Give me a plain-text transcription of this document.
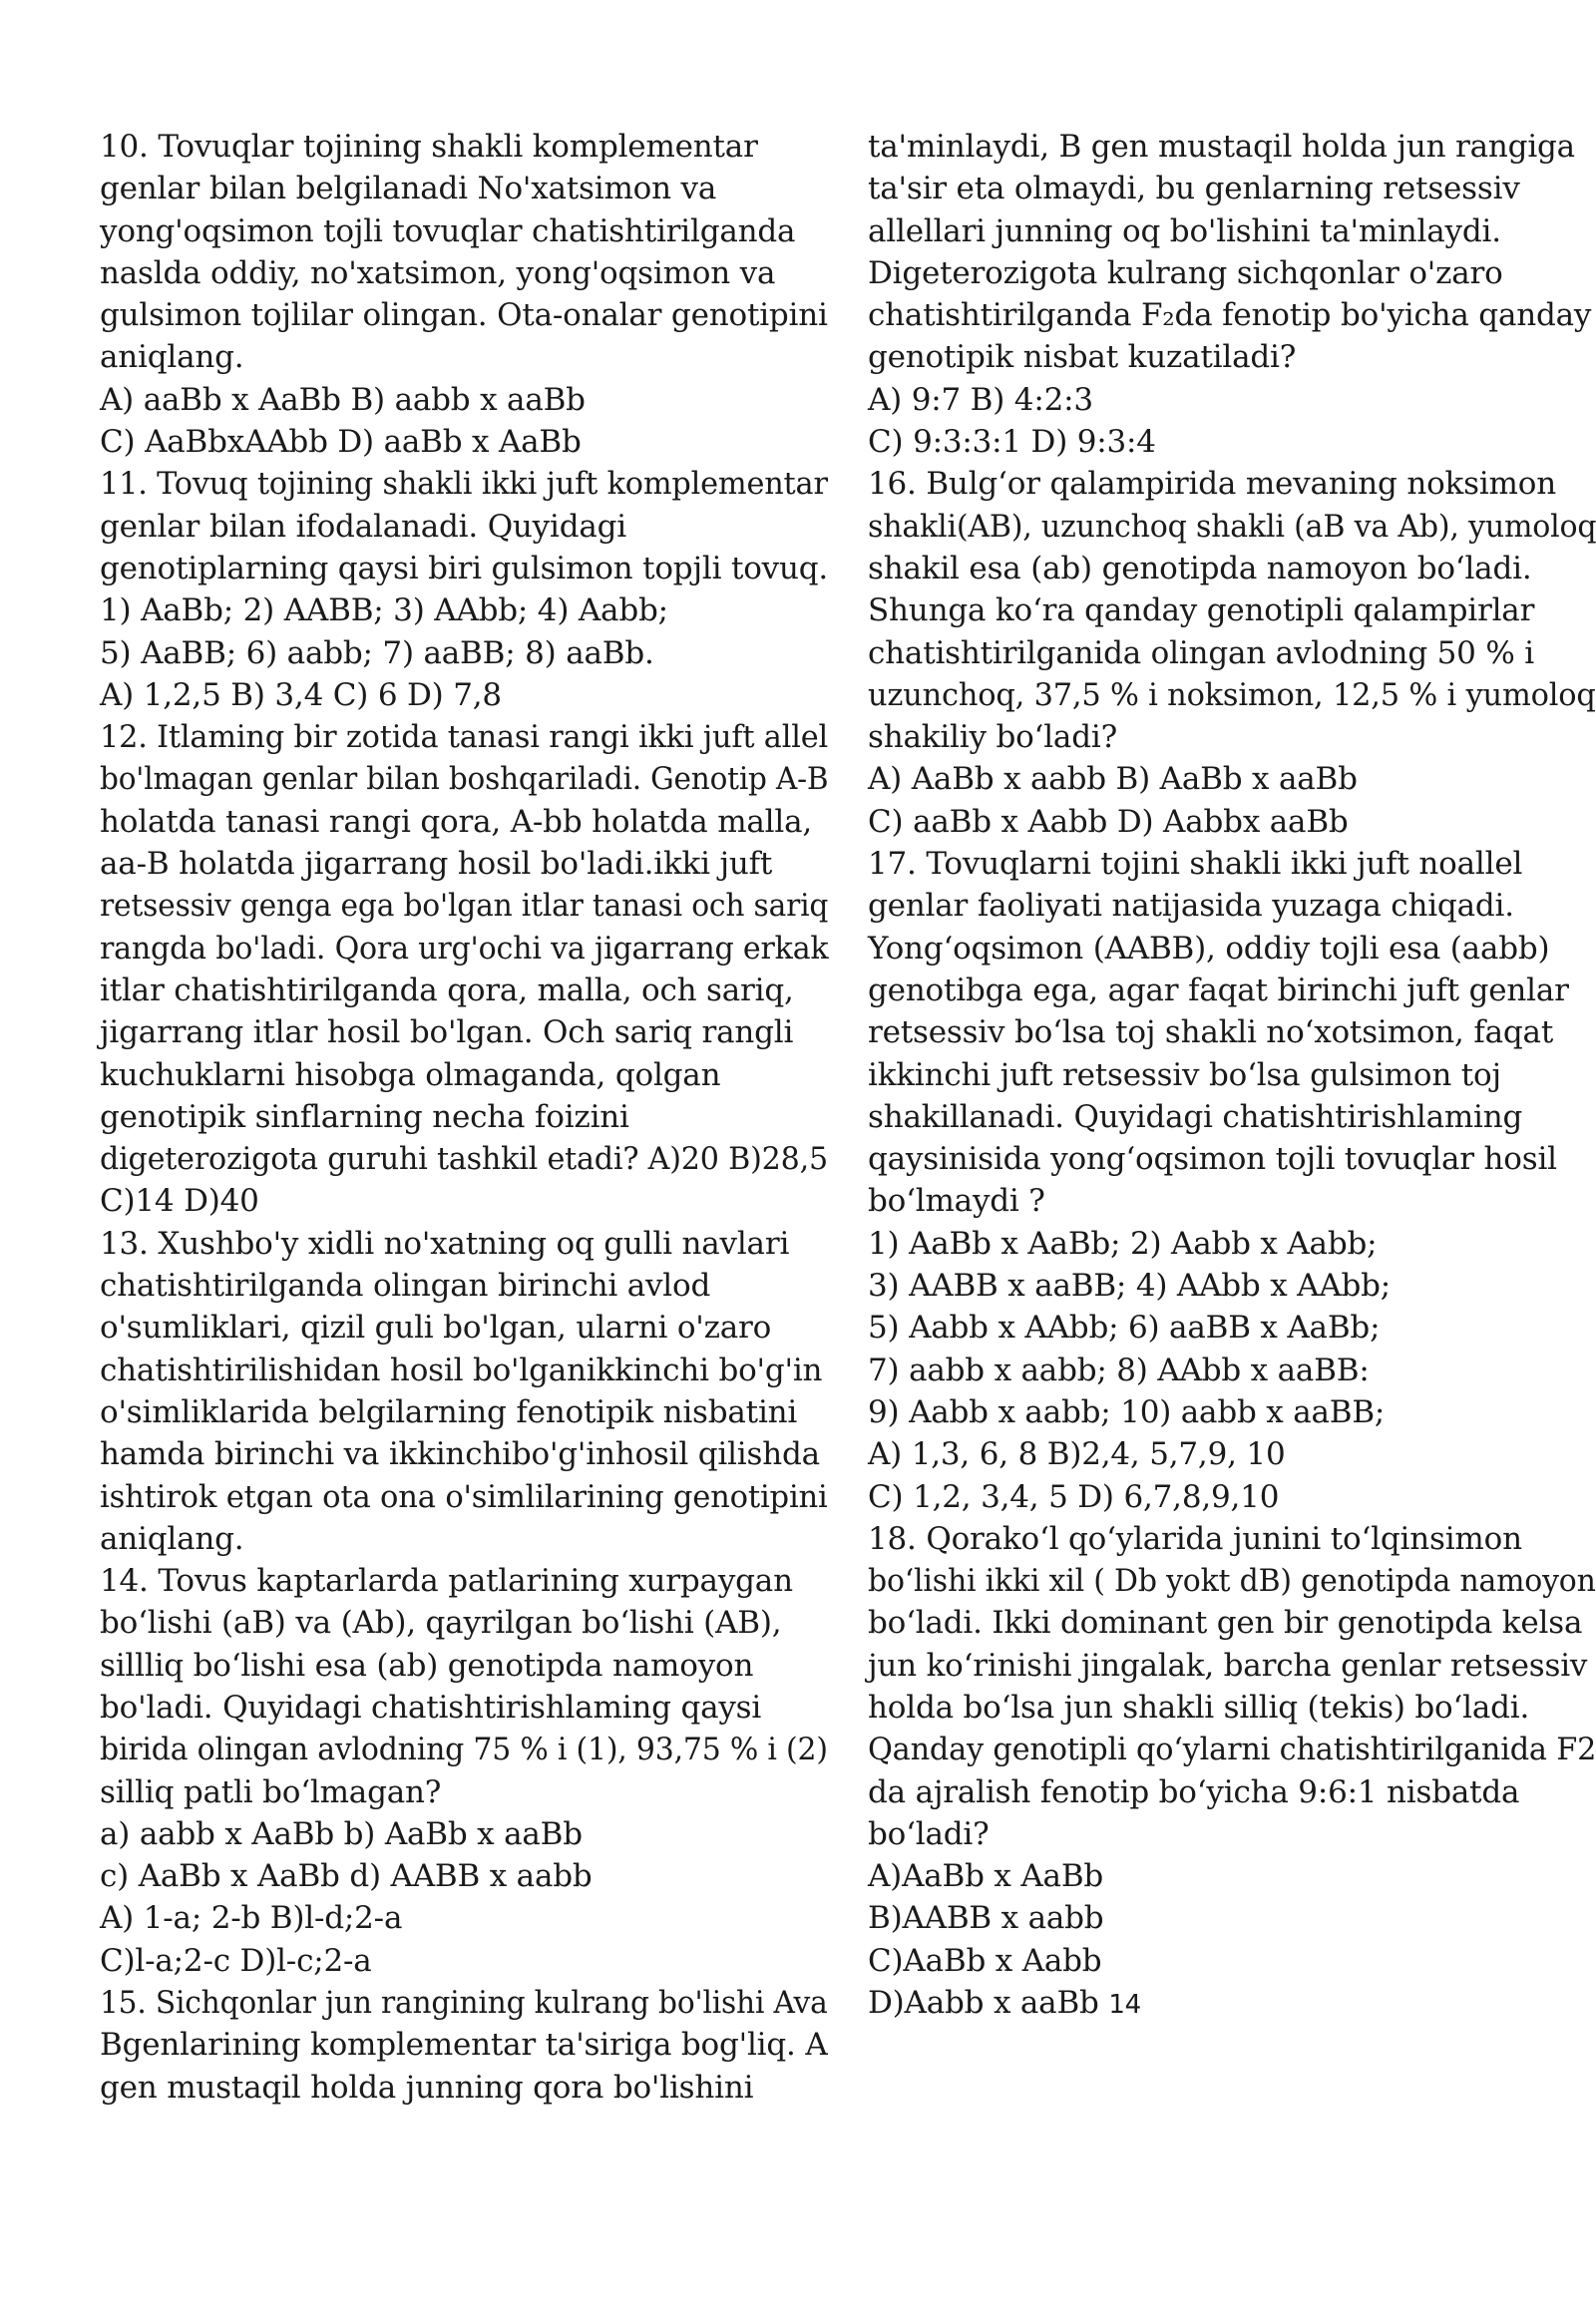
10. Tovuqlar tojining shakli komplementar
genlar bilan belgilanadi No'xatsimon va
yong'oqsimon tojli tovuqlar chatishtirilganda
naslda oddiy, no'xatsimon, yong'oqsimon va
gulsimon tojlilar olingan. Ota-onalar genotipini
aniqlang.
A) aaBb x AaBb B) aabb x aaBb
C) AaBbxAAbb D) aaBb x AaBb
11. Tovuq tojining shakli ikki juft komplementar
genlar bilan ifodalanadi. Quyidagi
genotiplarning qaysi biri gulsimon topjli tovuq.
1) AaBb; 2) AABB; 3) AAbb; 4) Aabb;
5) AaBB; 6) aabb; 7) aaBB; 8) aaBb.
A) 1,2,5 B) 3,4 C) 6 D) 7,8
12. Itlaming bir zotida tanasi rangi ikki juft allel
bo'lmagan genlar bilan boshqariladi. Genotip A-B
holatda tanasi rangi qora, A-bb holatda malla,
aa-B holatda jigarrang hosil bo'ladi.ikki juft
retsessiv genga ega bo'lgan itlar tanasi och sariq
rangda bo'ladi. Qora urg'ochi va jigarrang erkak
itlar chatishtirilganda qora, malla, och sariq,
jigarrang itlar hosil bo'lgan. Och sariq rangli
kuchuklarni hisobga olmaganda, qolgan
genotipik sinflarning necha foizini
digeterozigota guruhi tashkil etadi? A)20 B)28,5
C)14 D)40
13. Xushbo'y xidli no'xatning oq gulli navlari
chatishtirilganda olingan birinchi avlod
o'sumliklari, qizil guli bo'lgan, ularni o'zaro
chatishtirilishidan hosil bo'lganikkinchi bo'g'in
o'simliklarida belgilarning fenotipik nisbatini
hamda birinchi va ikkinchibo'g'inhosil qilishda
ishtirok etgan ota ona o'simlilarining genotipini
aniqlang.
14. Tovus kaptarlarda patlarining xurpaygan
boʻlishi (aB) va (Ab), qayrilgan boʻlishi (AB),
sillliq boʻlishi esa (ab) genotipda namoyon
bo'ladi. Quyidagi chatishtirishlaming qaysi
birida olingan avlodning 75 % i (1), 93,75 % i (2)
silliq patli boʻlmagan?
a) aabb x AaBb b) AaBb x aaBb
c) AaBb x AaBb d) AABB x aabb
A) 1-a; 2-b B)l-d;2-a
C)l-a;2-c D)l-c;2-a
15. Sichqonlar jun rangining kulrang bo'lishi Ava
Bgenlarining komplementar ta'siriga bog'liq. A
gen mustaqil holda junning qora bo'lishini
ta'minlaydi, B gen mustaqil holda jun rangiga
ta'sir eta olmaydi, bu genlarning retsessiv
allellari junning oq bo'lishini ta'minlaydi.
Digeterozigota kulrang sichqonlar o'zaro
chatishtirilganda F₂da fenotip bo'yicha qanday
genotipik nisbat kuzatiladi?
A) 9:7 B) 4:2:3
C) 9:3:3:1 D) 9:3:4
16. Bulgʻor qalampirida mevaning noksimon
shakli(AB), uzunchoq shakli (aB va Ab), yumoloq
shakil esa (ab) genotipda namoyon boʻladi.
Shunga koʻra qanday genotipli qalampirlar
chatishtirilganida olingan avlodning 50 % i
uzunchoq, 37,5 % i noksimon, 12,5 % i yumoloq
shakiliy boʻladi?
A) AaBb x aabb B) AaBb x aaBb
C) aaBb x Aabb D) Aabbx aaBb
17. Tovuqlarni tojini shakli ikki juft noallel
genlar faoliyati natijasida yuzaga chiqadi.
Yongʻoqsimon (AABB), oddiy tojli esa (aabb)
genotibga ega, agar faqat birinchi juft genlar
retsessiv boʻlsa toj shakli noʻxotsimon, faqat
ikkinchi juft retsessiv boʻlsa gulsimon toj
shakillanadi. Quyidagi chatishtirishlaming
qaysinisida yongʻoqsimon tojli tovuqlar hosil
boʻlmaydi ?
1) AaBb x AaBb; 2) Aabb x Aabb;
3) AABB x aaBB; 4) AAbb x AAbb;
5) Aabb x AAbb; 6) aaBB x AaBb;
7) aabb x aabb; 8) AAbb x aaBB:
9) Aabb x aabb; 10) aabb x aaBB;
A) 1,3, 6, 8 B)2,4, 5,7,9, 10
C) 1,2, 3,4, 5 D) 6,7,8,9,10
18. Qorakoʻl qoʻylarida junini toʻlqinsimon
boʻlishi ikki xil ( Db yokt dB) genotipda namoyon
boʻladi. Ikki dominant gen bir genotipda kelsa
jun koʻrinishi jingalak, barcha genlar retsessiv
holda boʻlsa jun shakli silliq (tekis) boʻladi.
Qanday genotipli qoʻylarni chatishtirilganida F2
da ajralish fenotip boʻyicha 9:6:1 nisbatda
boʻladi?
A)AaBb x AaBb
B)AABB x aabb
C)AaBb x Aabb
D)Aabb x aaBb 14
